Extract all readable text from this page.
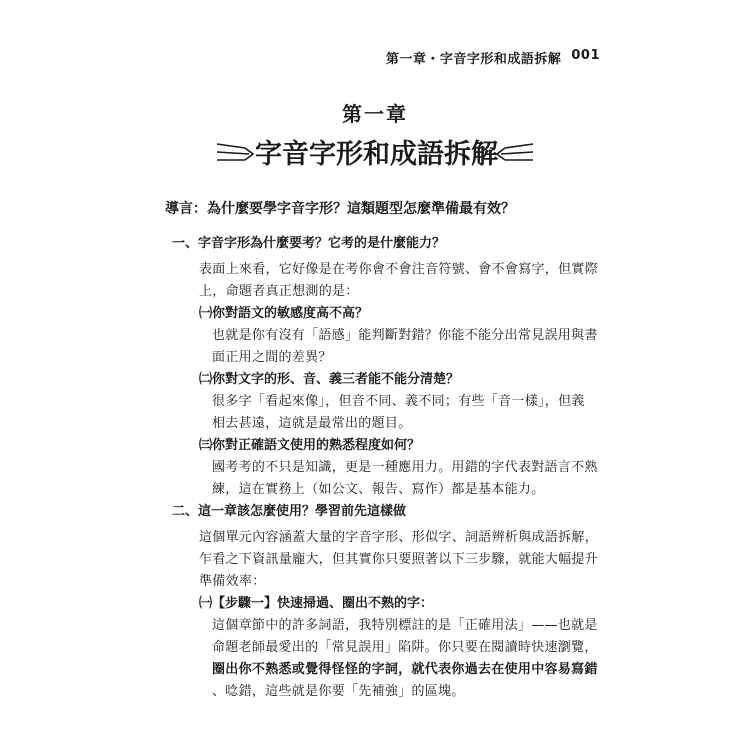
第一章・字音字形和成語拆解 001
第一章
字音字形和成語拆解
導言：為什麼要學字音字形？這類題型怎麼準備最有效？
一、字音字形為什麼要考？它考的是什麼能力？
表面上來看，它好像是在考你會不會注音符號、會不會寫字，但實際
上，命題者真正想測的是：
㈠你對語文的敏感度高不高？
也就是你有沒有「語感」能判斷對錯？你能不能分出常見誤用與書
面正用之間的差異？
㈡你對文字的形、音、義三者能不能分清楚？
很多字「看起來像」，但音不同、義不同；有些「音一樣」，但義
相去甚遠，這就是最常出的題目。
㈢你對正確語文使用的熟悉程度如何？
國考考的不只是知識，更是一種應用力。用錯的字代表對語言不熟
練，這在實務上（如公文、報告、寫作）都是基本能力。
二、這一章該怎麼使用？學習前先這樣做
這個單元內容涵蓋大量的字音字形、形似字、詞語辨析與成語拆解，
乍看之下資訊量龐大，但其實你只要照著以下三步驟，就能大幅提升
準備效率：
㈠【步驟一】快速掃過、圈出不熟的字：
這個章節中的許多詞語，我特別標註的是「正確用法」——也就是
命題老師最愛出的「常見誤用」陷阱。你只要在閱讀時快速瀏覽，
圈出你不熟悉或覺得怪怪的字詞，就代表你過去在使用中容易寫錯
、唸錯，這些就是你要「先補強」的區塊。
